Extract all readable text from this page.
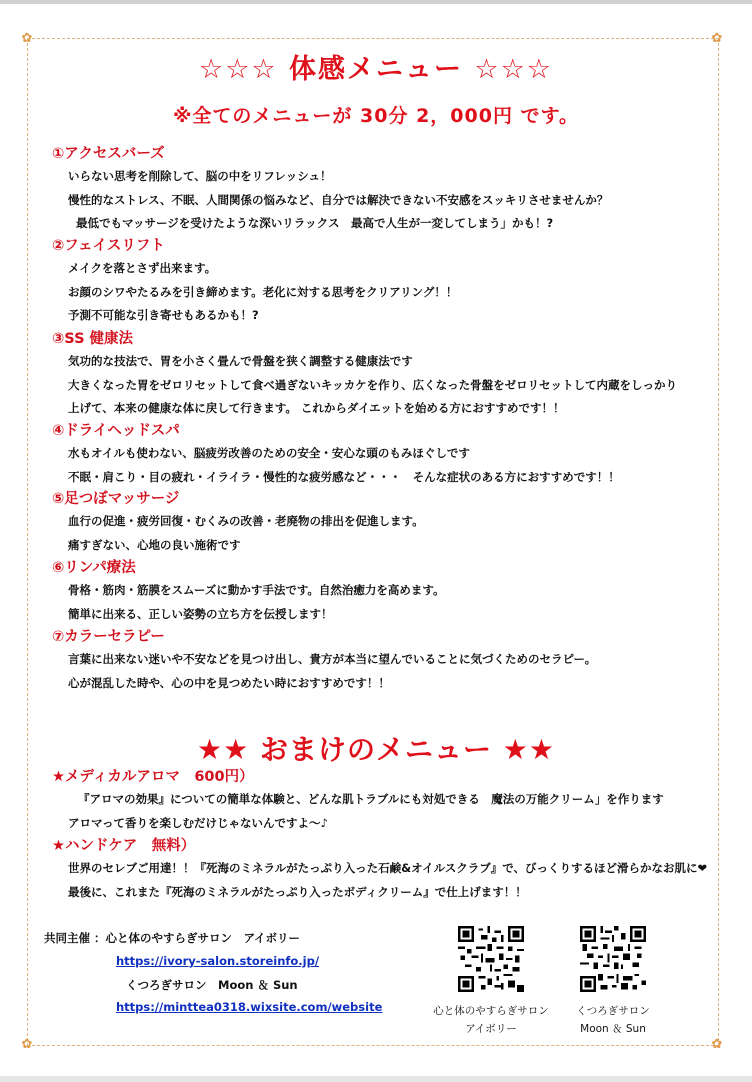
✿	✿
✿	✿
☆☆☆ 体感メニュー ☆☆☆
※全てのメニューが 30分 2，000円 です。
①アクセスバーズ
いらない思考を削除して、脳の中をリフレッシュ！
慢性的なストレス、不眠、人間関係の悩みなど、自分では解決できない不安感をスッキリさせませんか？
最低でもマッサージを受けたような深いリラックス　最高で人生が一変してしまう」かも！?
②フェイスリフト
メイクを落とさず出来ます。
お顔のシワやたるみを引き締めます。老化に対する思考をクリアリング！！
予測不可能な引き寄せもあるかも！?
③SS 健康法
気功的な技法で、胃を小さく畳んで骨盤を狭く調整する健康法です
大きくなった胃をゼロリセットして食べ過ぎないキッカケを作り、広くなった骨盤をゼロリセットして内蔵をしっかり
上げて、本来の健康な体に戻して行きます。 これからダイエットを始める方におすすめです！！
④ドライヘッドスパ
水もオイルも使わない、脳疲労改善のための安全・安心な頭のもみほぐしです
不眠・肩こり・目の疲れ・イライラ・慢性的な疲労感など・・・　そんな症状のある方におすすめです！！
⑤足つぼマッサージ
血行の促進・疲労回復・むくみの改善・老廃物の排出を促進します。
痛すぎない、心地の良い施術です
⑥リンパ療法
骨格・筋肉・筋膜をスムーズに動かす手法です。自然治癒力を高めます。
簡単に出来る、正しい姿勢の立ち方を伝授します！
⑦カラーセラピー
言葉に出来ない迷いや不安などを見つけ出し、貴方が本当に望んでいることに気づくためのセラピー。
心が混乱した時や、心の中を見つめたい時におすすめです！！
★★ おまけのメニュー ★★
★メディカルアロマ　600円）
『アロマの効果』についての簡単な体験と、どんな肌トラブルにも対処できる　魔法の万能クリーム」を作ります
アロマって香りを楽しむだけじゃないんですよ～♪
★ハンドケア　無料）
世界のセレブご用達！！『死海のミネラルがたっぷり入った石鹸&オイルスクラブ』で、びっくりするほど滑らかなお肌に❤
最後に、これまた『死海のミネラルがたっぷり入ったボディクリーム』で仕上げます！！
共同主催 ：心と体のやすらぎサロン　アイボリー
https://ivory-salon.storeinfo.jp/
くつろぎサロン　Moon ＆ Sun
https://minttea0318.wixsite.com/website	心と体のやすらぎサロン
アイボリー
くつろぎサロン
Moon ＆ Sun
